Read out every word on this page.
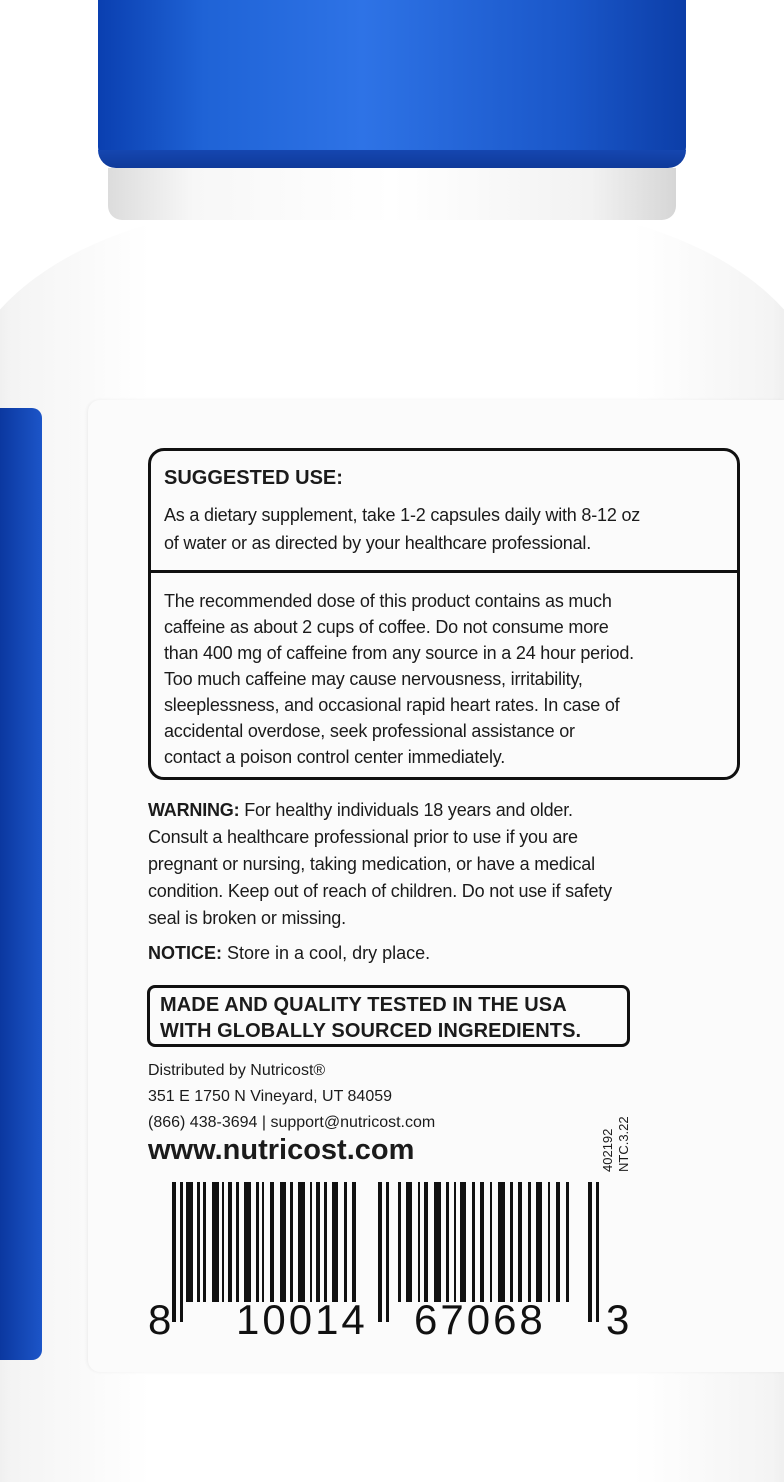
SUGGESTED USE:
As a dietary supplement, take 1-2 capsules daily with 8-12 oz
of water or as directed by your healthcare professional.
The recommended dose of this product contains as much
caffeine as about 2 cups of coffee. Do not consume more
than 400 mg of caffeine from any source in a 24 hour period.
Too much caffeine may cause nervousness, irritability,
sleeplessness, and occasional rapid heart rates. In case of
accidental overdose, seek professional assistance or
contact a poison control center immediately.
WARNING: For healthy individuals 18 years and older.
Consult a healthcare professional prior to use if you are
pregnant or nursing, taking medication, or have a medical
condition. Keep out of reach of children. Do not use if safety
seal is broken or missing.
NOTICE: Store in a cool, dry place.
MADE AND QUALITY TESTED IN THE USA
WITH GLOBALLY SOURCED INGREDIENTS.
Distributed by Nutricost®
351 E 1750 N Vineyard, UT 84059
(866) 438-3694 | support@nutricost.com
www.nutricost.com	402192 NTC.3.22
8 10014 67068 3
